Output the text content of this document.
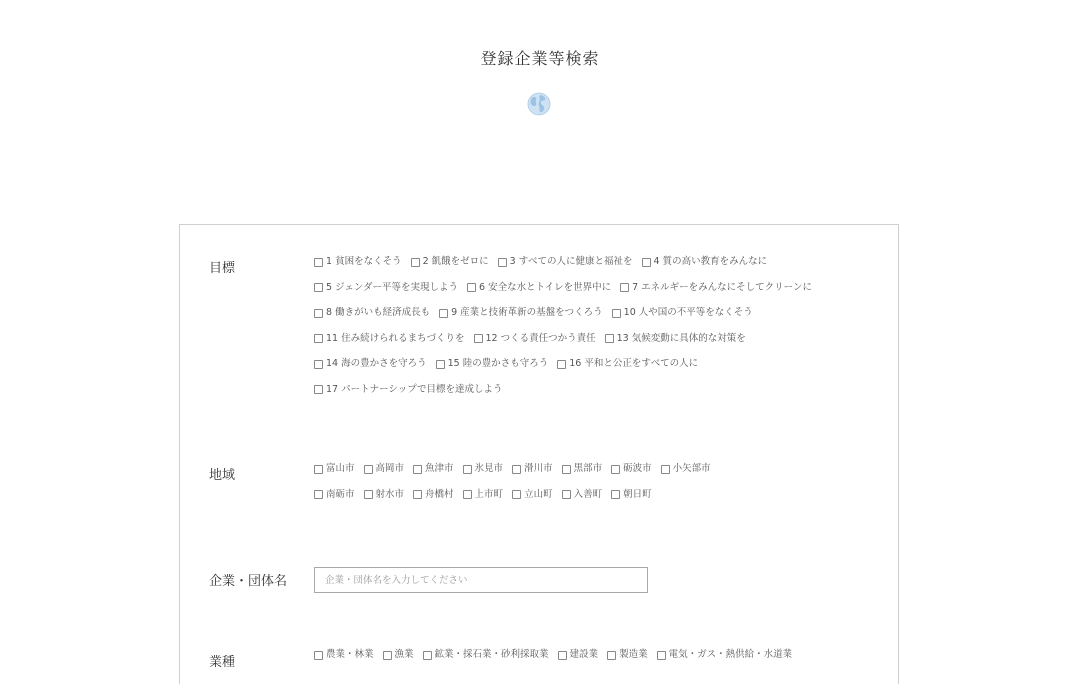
登録企業等検索
目標	1 貧困をなくそう 2 飢餓をゼロに 3 すべての人に健康と福祉を 4 質の高い教育をみんなに
5 ジェンダー平等を実現しよう 6 安全な水とトイレを世界中に 7 エネルギーをみんなにそしてクリーンに
8 働きがいも経済成長も 9 産業と技術革新の基盤をつくろう 10 人や国の不平等をなくそう
11 住み続けられるまちづくりを 12 つくる責任つかう責任 13 気候変動に具体的な対策を
14 海の豊かさを守ろう 15 陸の豊かさも守ろう 16 平和と公正をすべての人に
17 パートナーシップで目標を達成しよう
地域	富山市 高岡市 魚津市 氷見市 滑川市 黒部市 砺波市 小矢部市
南砺市 射水市 舟橋村 上市町 立山町 入善町 朝日町
企業・団体名
企業・団体名を入力してください
業種
農業・林業 漁業 鉱業・採石業・砂利採取業 建設業 製造業 電気・ガス・熱供給・水道業
